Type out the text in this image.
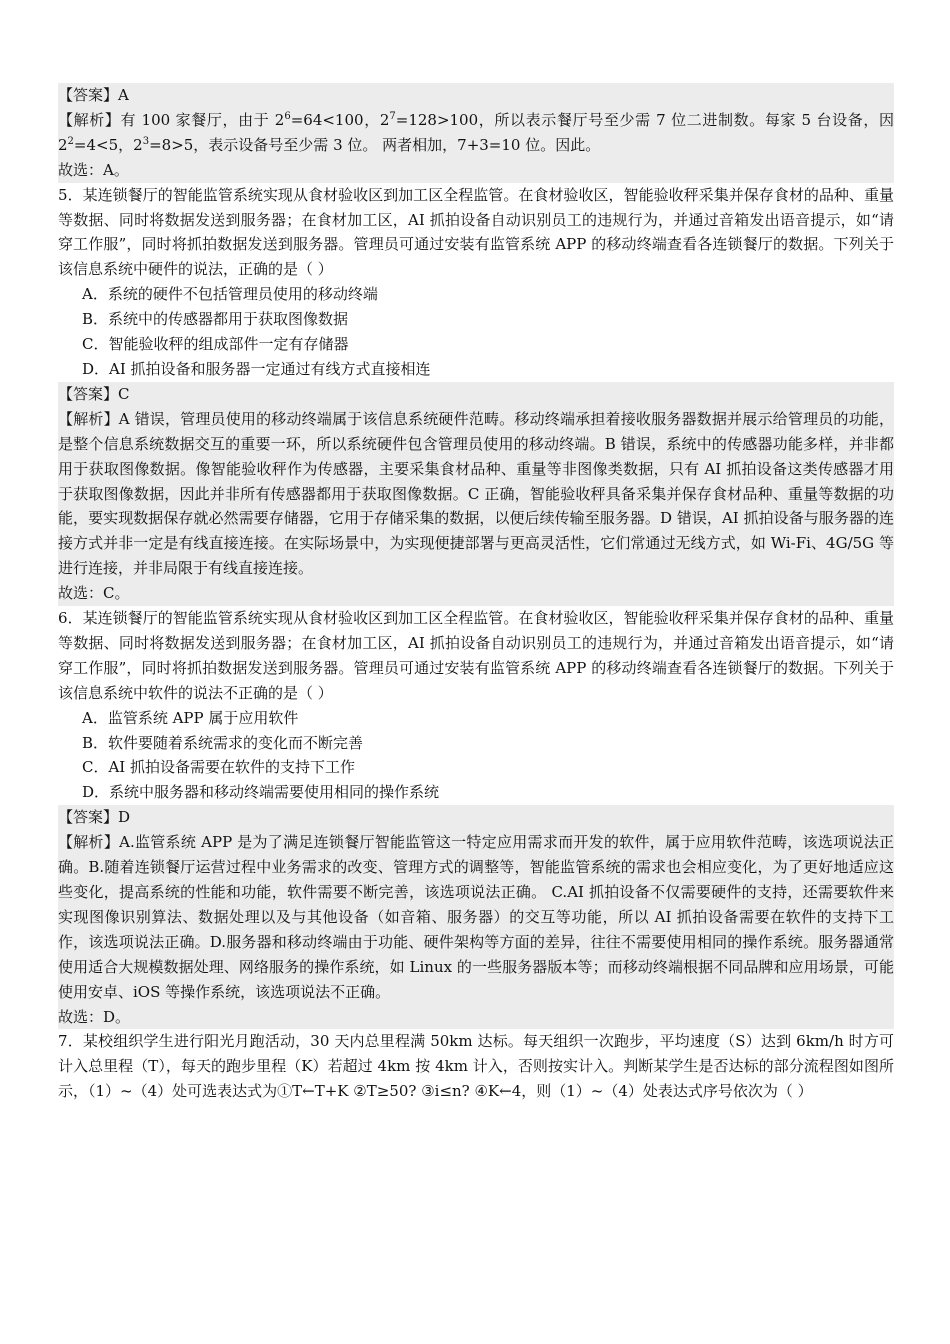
【答案】A

【解析】有 100 家餐厅，由于 $2^6=64<100$，$2^7=128>100$，所以表示餐厅号至少需 7 位二进制数。每家 5 台设备，因 $2^2=4<5$，$2^3=8>5$，表示设备号至少需 3 位。 两者相加，7+3=10 位。因此。

故选：A。

5．某连锁餐厅的智能监管系统实现从食材验收区到加工区全程监管。在食材验收区，智能验收秤采集并保存食材的品种、重量等数据、同时将数据发送到服务器；在食材加工区，AI 抓拍设备自动识别员工的违规行为，并通过音箱发出语音提示，如“请穿工作服”，同时将抓拍数据发送到服务器。管理员可通过安装有监管系统 APP 的移动终端查看各连锁餐厅的数据。下列关于该信息系统中硬件的说法，正确的是（ ）

A．系统的硬件不包括管理员使用的移动终端

B．系统中的传感器都用于获取图像数据

C．智能验收秤的组成部件一定有存储器

D．AI 抓拍设备和服务器一定通过有线方式直接相连

【答案】C

【解析】A 错误，管理员使用的移动终端属于该信息系统硬件范畴。移动终端承担着接收服务器数据并展示给管理员的功能，是整个信息系统数据交互的重要一环，所以系统硬件包含管理员使用的移动终端。B 错误，系统中的传感器功能多样，并非都用于获取图像数据。像智能验收秤作为传感器，主要采集食材品种、重量等非图像类数据，只有 AI 抓拍设备这类传感器才用于获取图像数据，因此并非所有传感器都用于获取图像数据。C 正确，智能验收秤具备采集并保存食材品种、重量等数据的功能，要实现数据保存就必然需要存储器，它用于存储采集的数据，以便后续传输至服务器。D 错误，AI 抓拍设备与服务器的连接方式并非一定是有线直接连接。在实际场景中，为实现便捷部署与更高灵活性，它们常通过无线方式，如 Wi-Fi、4G/5G 等进行连接，并非局限于有线直接连接。

故选：C。

6．某连锁餐厅的智能监管系统实现从食材验收区到加工区全程监管。在食材验收区，智能验收秤采集并保存食材的品种、重量等数据、同时将数据发送到服务器；在食材加工区，AI 抓拍设备自动识别员工的违规行为，并通过音箱发出语音提示，如“请穿工作服”，同时将抓拍数据发送到服务器。管理员可通过安装有监管系统 APP 的移动终端查看各连锁餐厅的数据。下列关于该信息系统中软件的说法不正确的是（ ）

A．监管系统 APP 属于应用软件

B．软件要随着系统需求的变化而不断完善

C．AI 抓拍设备需要在软件的支持下工作

D．系统中服务器和移动终端需要使用相同的操作系统

【答案】D

【解析】A.监管系统 APP 是为了满足连锁餐厅智能监管这一特定应用需求而开发的软件，属于应用软件范畴，该选项说法正确。B.随着连锁餐厅运营过程中业务需求的改变、管理方式的调整等，智能监管系统的需求也会相应变化，为了更好地适应这些变化，提高系统的性能和功能，软件需要不断完善，该选项说法正确。 C.AI 抓拍设备不仅需要硬件的支持，还需要软件来实现图像识别算法、数据处理以及与其他设备（如音箱、服务器）的交互等功能，所以 AI 抓拍设备需要在软件的支持下工作，该选项说法正确。D.服务器和移动终端由于功能、硬件架构等方面的差异，往往不需要使用相同的操作系统。服务器通常使用适合大规模数据处理、网络服务的操作系统，如 Linux 的一些服务器版本等；而移动终端根据不同品牌和应用场景，可能使用安卓、iOS 等操作系统，该选项说法不正确。

故选：D。

7．某校组织学生进行阳光月跑活动，30 天内总里程满 50km 达标。每天组织一次跑步，平均速度（S）达到 6km/h 时方可计入总里程（T），每天的跑步里程（K）若超过 4km 按 4km 计入，否则按实计入。判断某学生是否达标的部分流程图如图所示，（1）~（4）处可选表达式为①T←T+K ②T≥50? ③i≤n? ④K←4，则（1）~（4）处表达式序号依次为（ ）
